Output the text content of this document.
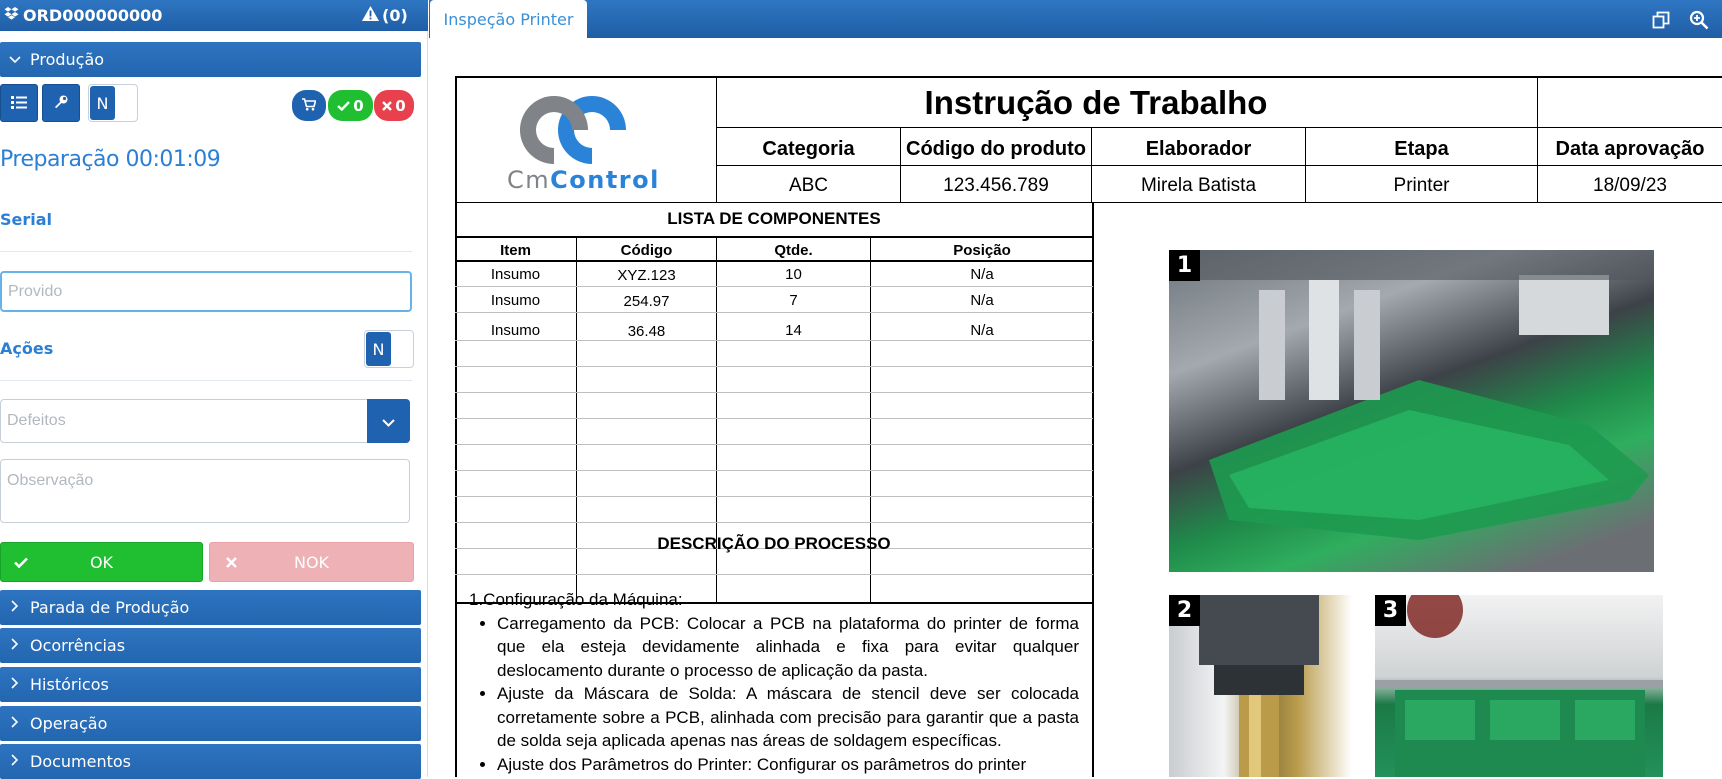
ORD000000000	(0)
Produção
N	0 0
Preparação 00:01:09
Serial
Provido
Ações	N
Defeitos
Observação
OK	NOK
Parada de Produção
Ocorrências
Históricos
Operação
Documentos
Inspeção Printer
CmControl
Instrução de Trabalho
Categoria	Código do produto	Elaborador	Etapa	Data aprovação
ABC	123.456.789	Mirela Batista	Printer	18/09/23
LISTA DE COMPONENTES
Item	Código	Qtde.	Posição
Insumo	XYZ.123	10	N/a
Insumo	254.97	7	N/a
Insumo	36.48	14	N/a
DESCRIÇÃO DO PROCESSO
1.Configuração da Máquina:
• Carregamento da PCB: Colocar a PCB na plataforma do printer de forma que ela esteja devidamente alinhada e fixa para evitar qualquer deslocamento durante o processo de aplicação da pasta.
• Ajuste da Máscara de Solda: A máscara de stencil deve ser colocada corretamente sobre a PCB, alinhada com precisão para garantir que a pasta de solda seja aplicada apenas nas áreas de soldagem específicas.
• Ajuste dos Parâmetros do Printer: Configurar os parâmetros do printer
1
2	3
